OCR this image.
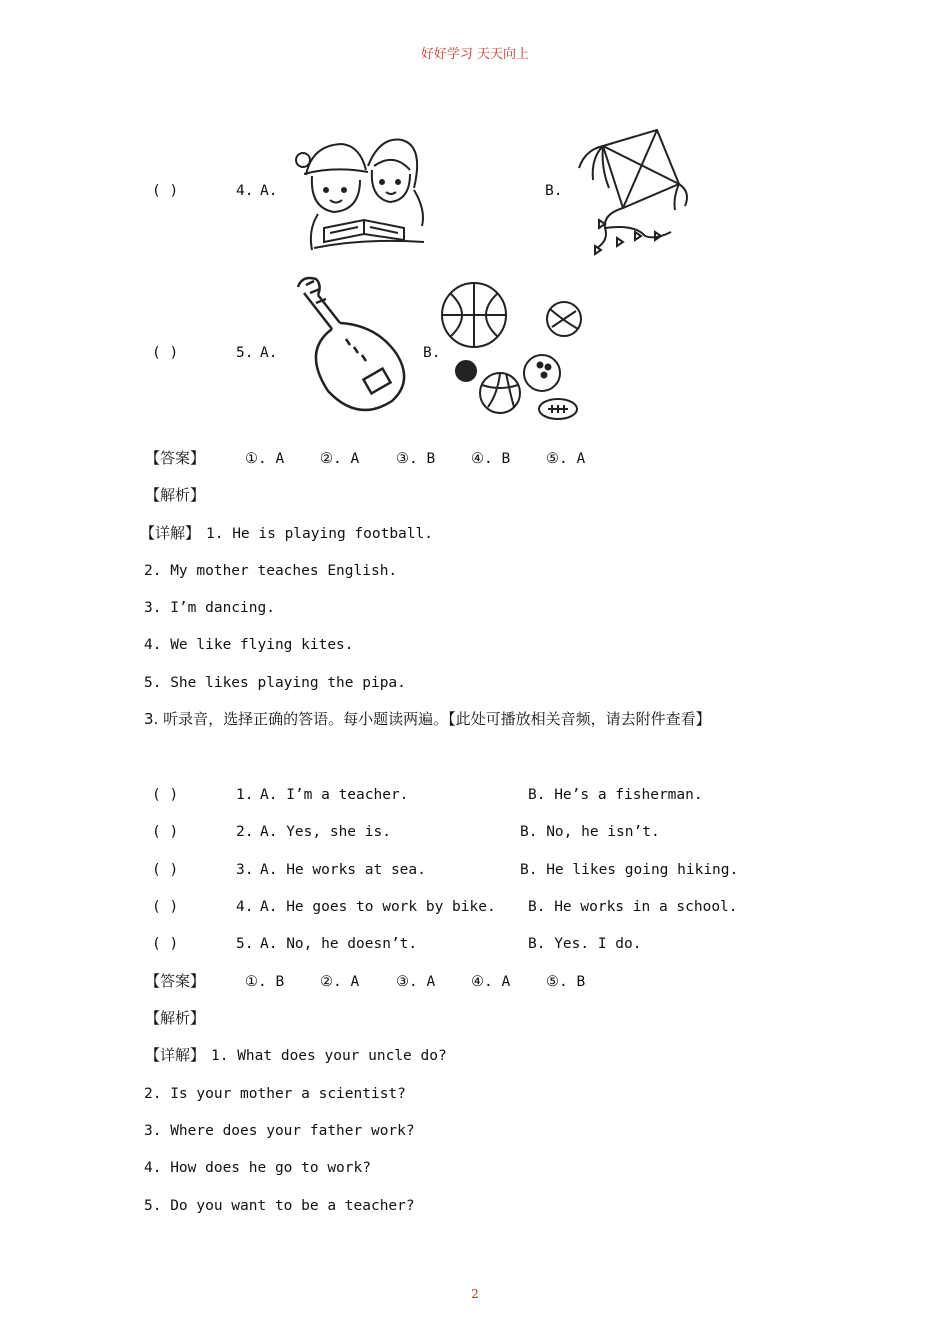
好好学习 天天向上
( )	4. A.	B.
( )	5. A.	B.
【答案】	①. A ②. A	③. B ④. B ⑤. A
【解析】
【详解】 1. He is playing football.
2. My mother teaches English.
3. I’m dancing.
4. We like flying kites.
5. She likes playing the pipa.
3. 听录音，选择正确的答语。每小题读两遍。【此处可播放相关音频，请去附件查看】
( )	1. A. I’m a teacher.	B. He’s a fisherman.
( )	2. A. Yes, she is.	B. No, he isn’t.
( )	3. A. He works at sea.	B. He likes going hiking.
( )	4. A. He goes to work by bike. B. He works in a school.
( )	5. A. No, he doesn’t.	B. Yes. I do.
【答案】	①. B ②. A	③. A ④. A ⑤. B
【解析】
【详解】 1. What does your uncle do?
2. Is your mother a scientist?
3. Where does your father work?
4. How does he go to work?
5. Do you want to be a teacher?
2
